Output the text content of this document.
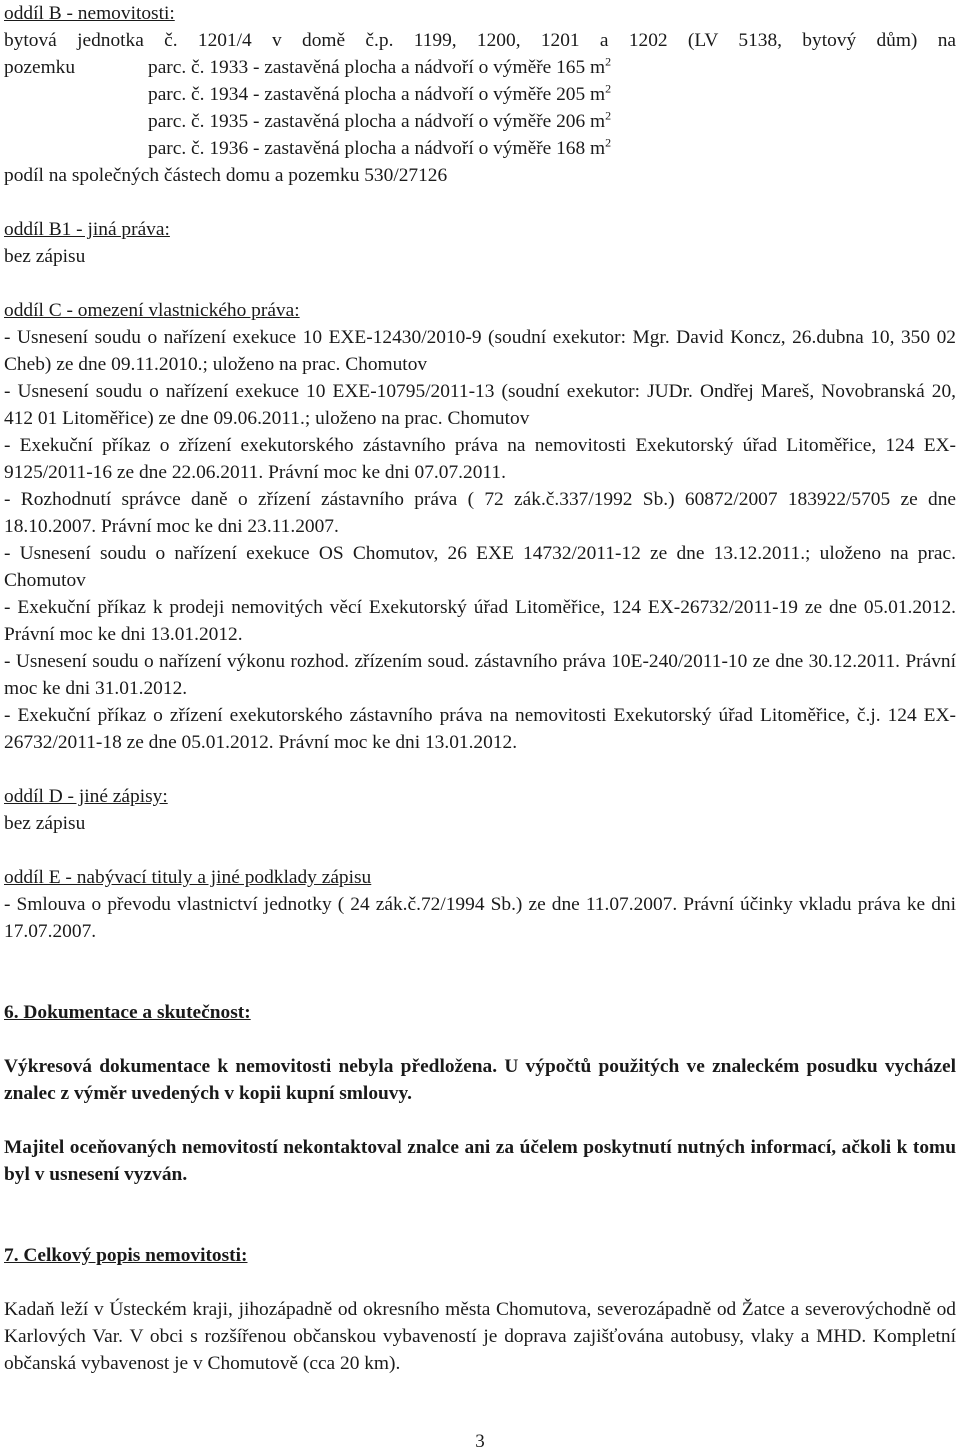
oddíl B - nemovitosti:

bytová jednotka č. 1201/4 v domě č.p. 1199, 1200, 1201 a 1202 (LV 5138, bytový dům) na

pozemku	parc. č. 1933 - zastavěná plocha a nádvoří o výměře 165 $m^2$

parc. č. 1934 - zastavěná plocha a nádvoří o výměře 205 $m^2$

parc. č. 1935 - zastavěná plocha a nádvoří o výměře 206 $m^2$

parc. č. 1936 - zastavěná plocha a nádvoří o výměře 168 $m^2$

podíl na společných částech domu a pozemku 530/27126

oddíl B1 - jiná práva:

bez zápisu

oddíl C - omezení vlastnického práva:

- Usnesení soudu o nařízení exekuce 10 EXE-12430/2010-9 (soudní exekutor: Mgr. David Koncz, 26.dubna 10, 350 02 Cheb) ze dne 09.11.2010.; uloženo na prac. Chomutov

- Usnesení soudu o nařízení exekuce 10 EXE-10795/2011-13 (soudní exekutor: JUDr. Ondřej Mareš, Novobranská 20, 412 01 Litoměřice) ze dne 09.06.2011.; uloženo na prac. Chomutov

- Exekuční příkaz o zřízení exekutorského zástavního práva na nemovitosti Exekutorský úřad Litoměřice, 124 EX-9125/2011-16 ze dne 22.06.2011. Právní moc ke dni 07.07.2011.

- Rozhodnutí správce daně o zřízení zástavního práva ( 72 zák.č.337/1992 Sb.) 60872/2007 183922/5705 ze dne 18.10.2007. Právní moc ke dni 23.11.2007.

- Usnesení soudu o nařízení exekuce OS Chomutov, 26 EXE 14732/2011-12 ze dne 13.12.2011.; uloženo na prac. Chomutov

- Exekuční příkaz k prodeji nemovitých věcí Exekutorský úřad Litoměřice, 124 EX-26732/2011-19 ze dne 05.01.2012. Právní moc ke dni 13.01.2012.

- Usnesení soudu o nařízení výkonu rozhod. zřízením soud. zástavního práva 10E-240/2011-10 ze dne 30.12.2011. Právní moc ke dni 31.01.2012.

- Exekuční příkaz o zřízení exekutorského zástavního práva na nemovitosti Exekutorský úřad Litoměřice, č.j. 124 EX-26732/2011-18 ze dne 05.01.2012. Právní moc ke dni 13.01.2012.

oddíl D - jiné zápisy:

bez zápisu

oddíl E - nabývací tituly a jiné podklady zápisu

- Smlouva o převodu vlastnictví jednotky ( 24 zák.č.72/1994 Sb.) ze dne 11.07.2007. Právní účinky vkladu práva ke dni 17.07.2007.

6. Dokumentace a skutečnost:

Výkresová dokumentace k nemovitosti nebyla předložena. U výpočtů použitých ve znaleckém posudku vycházel znalec z výměr uvedených v kopii kupní smlouvy.

Majitel oceňovaných nemovitostí nekontaktoval znalce ani za účelem poskytnutí nutných informací, ačkoli k tomu byl v usnesení vyzván.

7. Celkový popis nemovitosti:

Kadaň leží v Ústeckém kraji, jihozápadně od okresního města Chomutova, severozápadně od Žatce a severovýchodně od Karlových Var. V obci s rozšířenou občanskou vybaveností je doprava zajišťována autobusy, vlaky a MHD. Kompletní občanská vybavenost je v Chomutově (cca 20 km).

3
